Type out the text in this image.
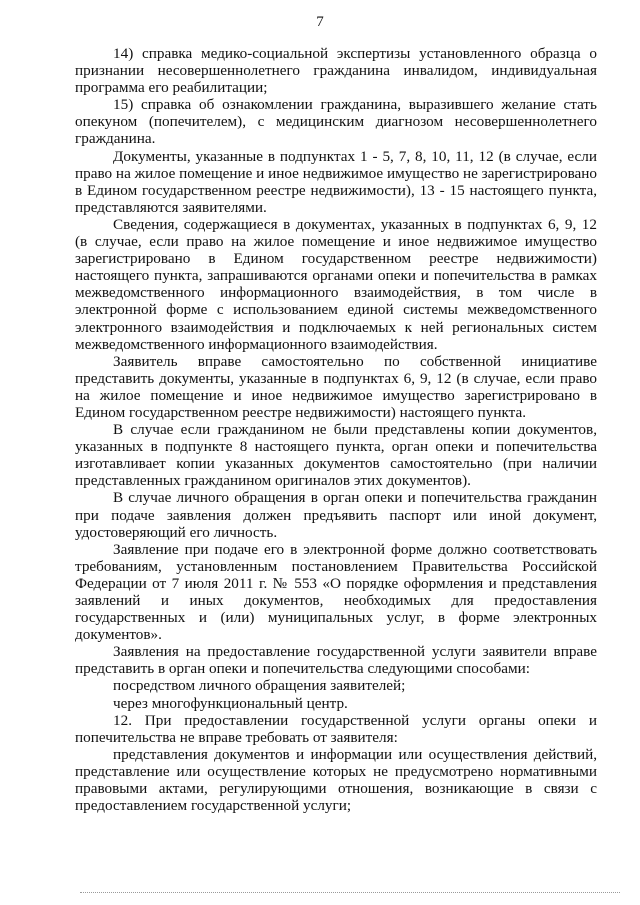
7

14) справка медико-социальной экспертизы установленного образца о признании несовершеннолетнего гражданина инвалидом, индивидуальная программа его реабилитации;

15) справка об ознакомлении гражданина, выразившего желание стать опекуном (попечителем), с медицинским диагнозом несовершеннолетнего гражданина.

Документы, указанные в подпунктах 1 - 5, 7, 8, 10, 11, 12 (в случае, если право на жилое помещение и иное недвижимое имущество не зарегистрировано в Едином государственном реестре недвижимости), 13 - 15 настоящего пункта, представляются заявителями.

Сведения, содержащиеся в документах, указанных в подпунктах 6, 9, 12 (в случае, если право на жилое помещение и иное недвижимое имущество зарегистрировано в Едином государственном реестре недвижимости) настоящего пункта, запрашиваются органами опеки и попечительства в рамках межведомственного информационного взаимодействия, в том числе в электронной форме с использованием единой системы межведомственного электронного взаимодействия и подключаемых к ней региональных систем межведомственного информационного взаимодействия.

Заявитель вправе самостоятельно по собственной инициативе представить документы, указанные в подпунктах 6, 9, 12 (в случае, если право на жилое помещение и иное недвижимое имущество зарегистрировано в Едином государственном реестре недвижимости) настоящего пункта.

В случае если гражданином не были представлены копии документов, указанных в подпункте 8 настоящего пункта, орган опеки и попечительства изготавливает копии указанных документов самостоятельно (при наличии представленных гражданином оригиналов этих документов).

В случае личного обращения в орган опеки и попечительства гражданин при подаче заявления должен предъявить паспорт или иной документ, удостоверяющий его личность.

Заявление при подаче его в электронной форме должно соответствовать требованиям, установленным постановлением Правительства Российской Федерации от 7 июля 2011 г. № 553 «О порядке оформления и представления заявлений и иных документов, необходимых для предоставления государственных и (или) муниципальных услуг, в форме электронных документов».

Заявления на предоставление государственной услуги заявители вправе представить в орган опеки и попечительства следующими способами:

посредством личного обращения заявителей;

через многофункциональный центр.

12. При предоставлении государственной услуги органы опеки и попечительства не вправе требовать от заявителя:

представления документов и информации или осуществления действий, представление или осуществление которых не предусмотрено нормативными правовыми актами, регулирующими отношения, возникающие в связи с предоставлением государственной услуги;
